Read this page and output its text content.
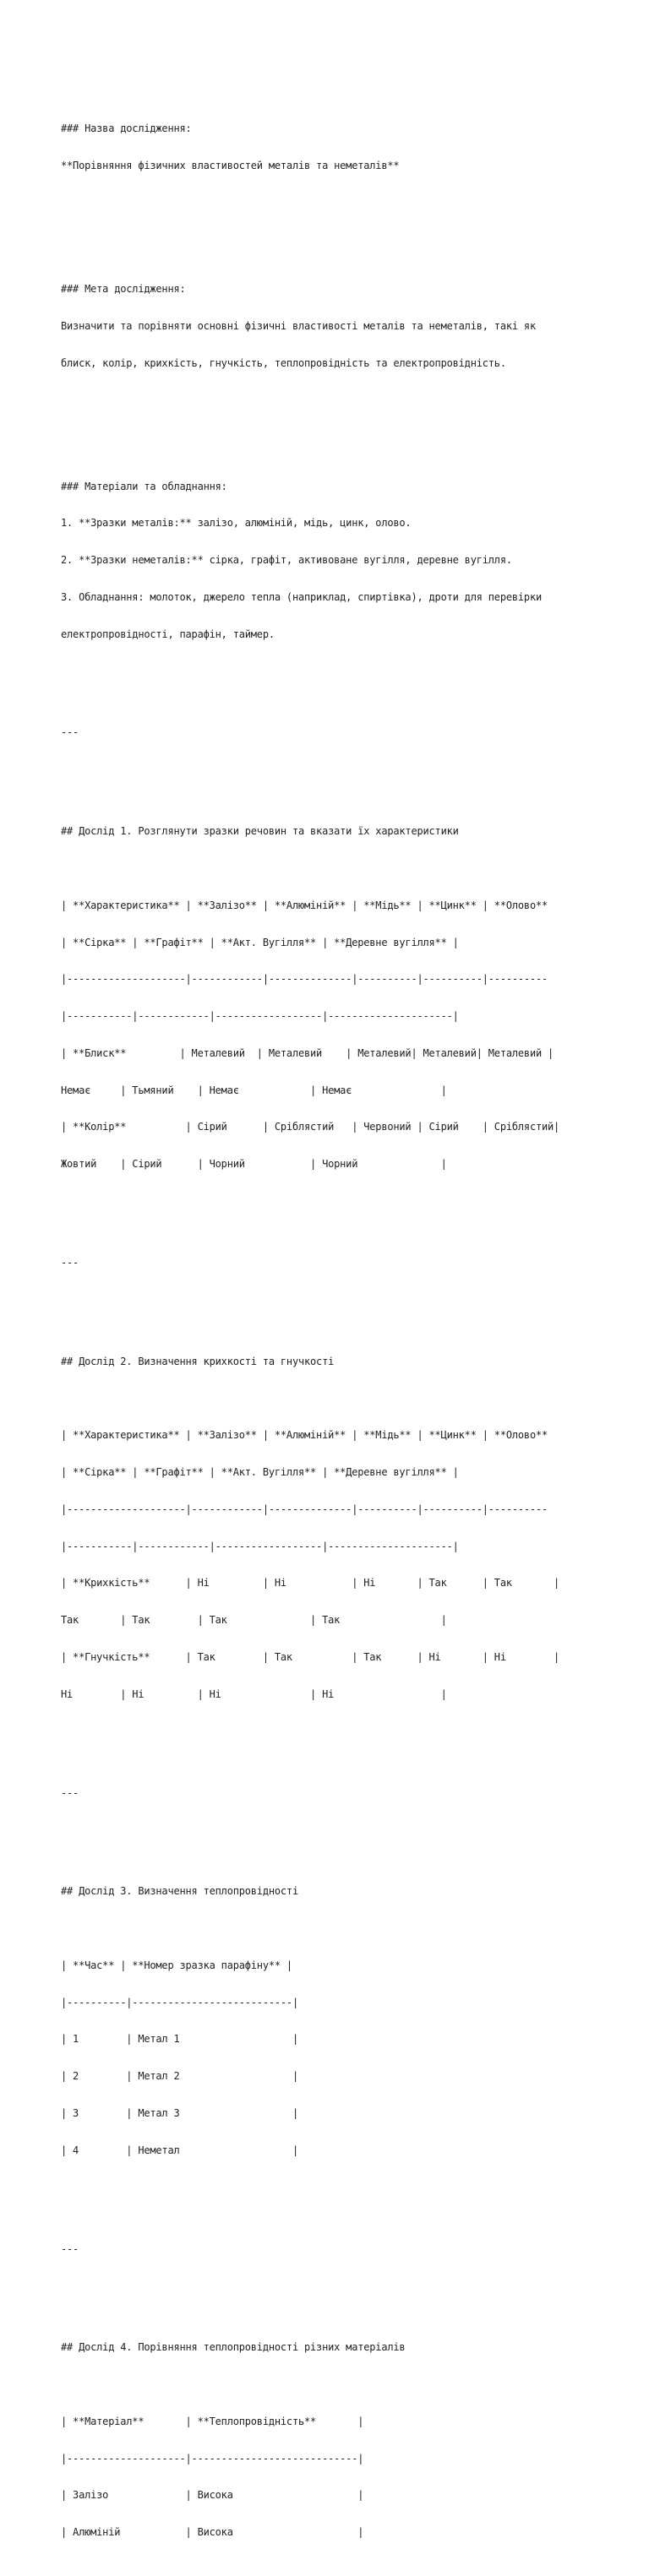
### Назва дослідження:

**Порівняння фізичних властивостей металів та неметалів**

### Мета дослідження:

Визначити та порівняти основні фізичні властивості металів та неметалів, такі як

блиск, колір, крихкість, гнучкість, теплопровідність та електропровідність.

### Матеріали та обладнання:

1. **Зразки металів:** залізо, алюміній, мідь, цинк, олово.

2. **Зразки неметалів:** сірка, графіт, активоване вугілля, деревне вугілля.

3. Обладнання: молоток, джерело тепла (наприклад, спиртівка), дроти для перевірки

електропровідності, парафін, таймер.

---

## Дослід 1. Розглянути зразки речовин та вказати їх характеристики

| **Характеристика** | **Залізо** | **Алюміній** | **Мідь** | **Цинк** | **Олово**

| **Сірка** | **Графіт** | **Акт. Вугілля** | **Деревне вугілля** |

|--------------------|------------|--------------|----------|----------|----------

|-----------|------------|------------------|---------------------|

| **Блиск**         | Металевий  | Металевий    | Металевий| Металевий| Металевий |

Немає     | Тьмяний    | Немає            | Немає               |

| **Колір**          | Сірий      | Сріблястий   | Червоний | Сірий    | Сріблястий|

Жовтий    | Сірий      | Чорний           | Чорний              |

---

## Дослід 2. Визначення крихкості та гнучкості

| **Характеристика** | **Залізо** | **Алюміній** | **Мідь** | **Цинк** | **Олово**

| **Сірка** | **Графіт** | **Акт. Вугілля** | **Деревне вугілля** |

|--------------------|------------|--------------|----------|----------|----------

|-----------|------------|------------------|---------------------|

| **Крихкість**      | Ні         | Ні           | Ні       | Так      | Так       |

Так       | Так        | Так              | Так                 |

| **Гнучкість**      | Так        | Так          | Так      | Ні       | Ні        |

Ні        | Ні         | Ні               | Ні                  |

---

## Дослід 3. Визначення теплопровідності

| **Час** | **Номер зразка парафіну** |

|----------|---------------------------|

| 1        | Метал 1                   |

| 2        | Метал 2                   |

| 3        | Метал 3                   |

| 4        | Неметал                   |

---

## Дослід 4. Порівняння теплопровідності різних матеріалів

| **Матеріал**       | **Теплопровідність**       |

|--------------------|----------------------------|

| Залізо             | Висока                     |

| Алюміній           | Висока                     |
